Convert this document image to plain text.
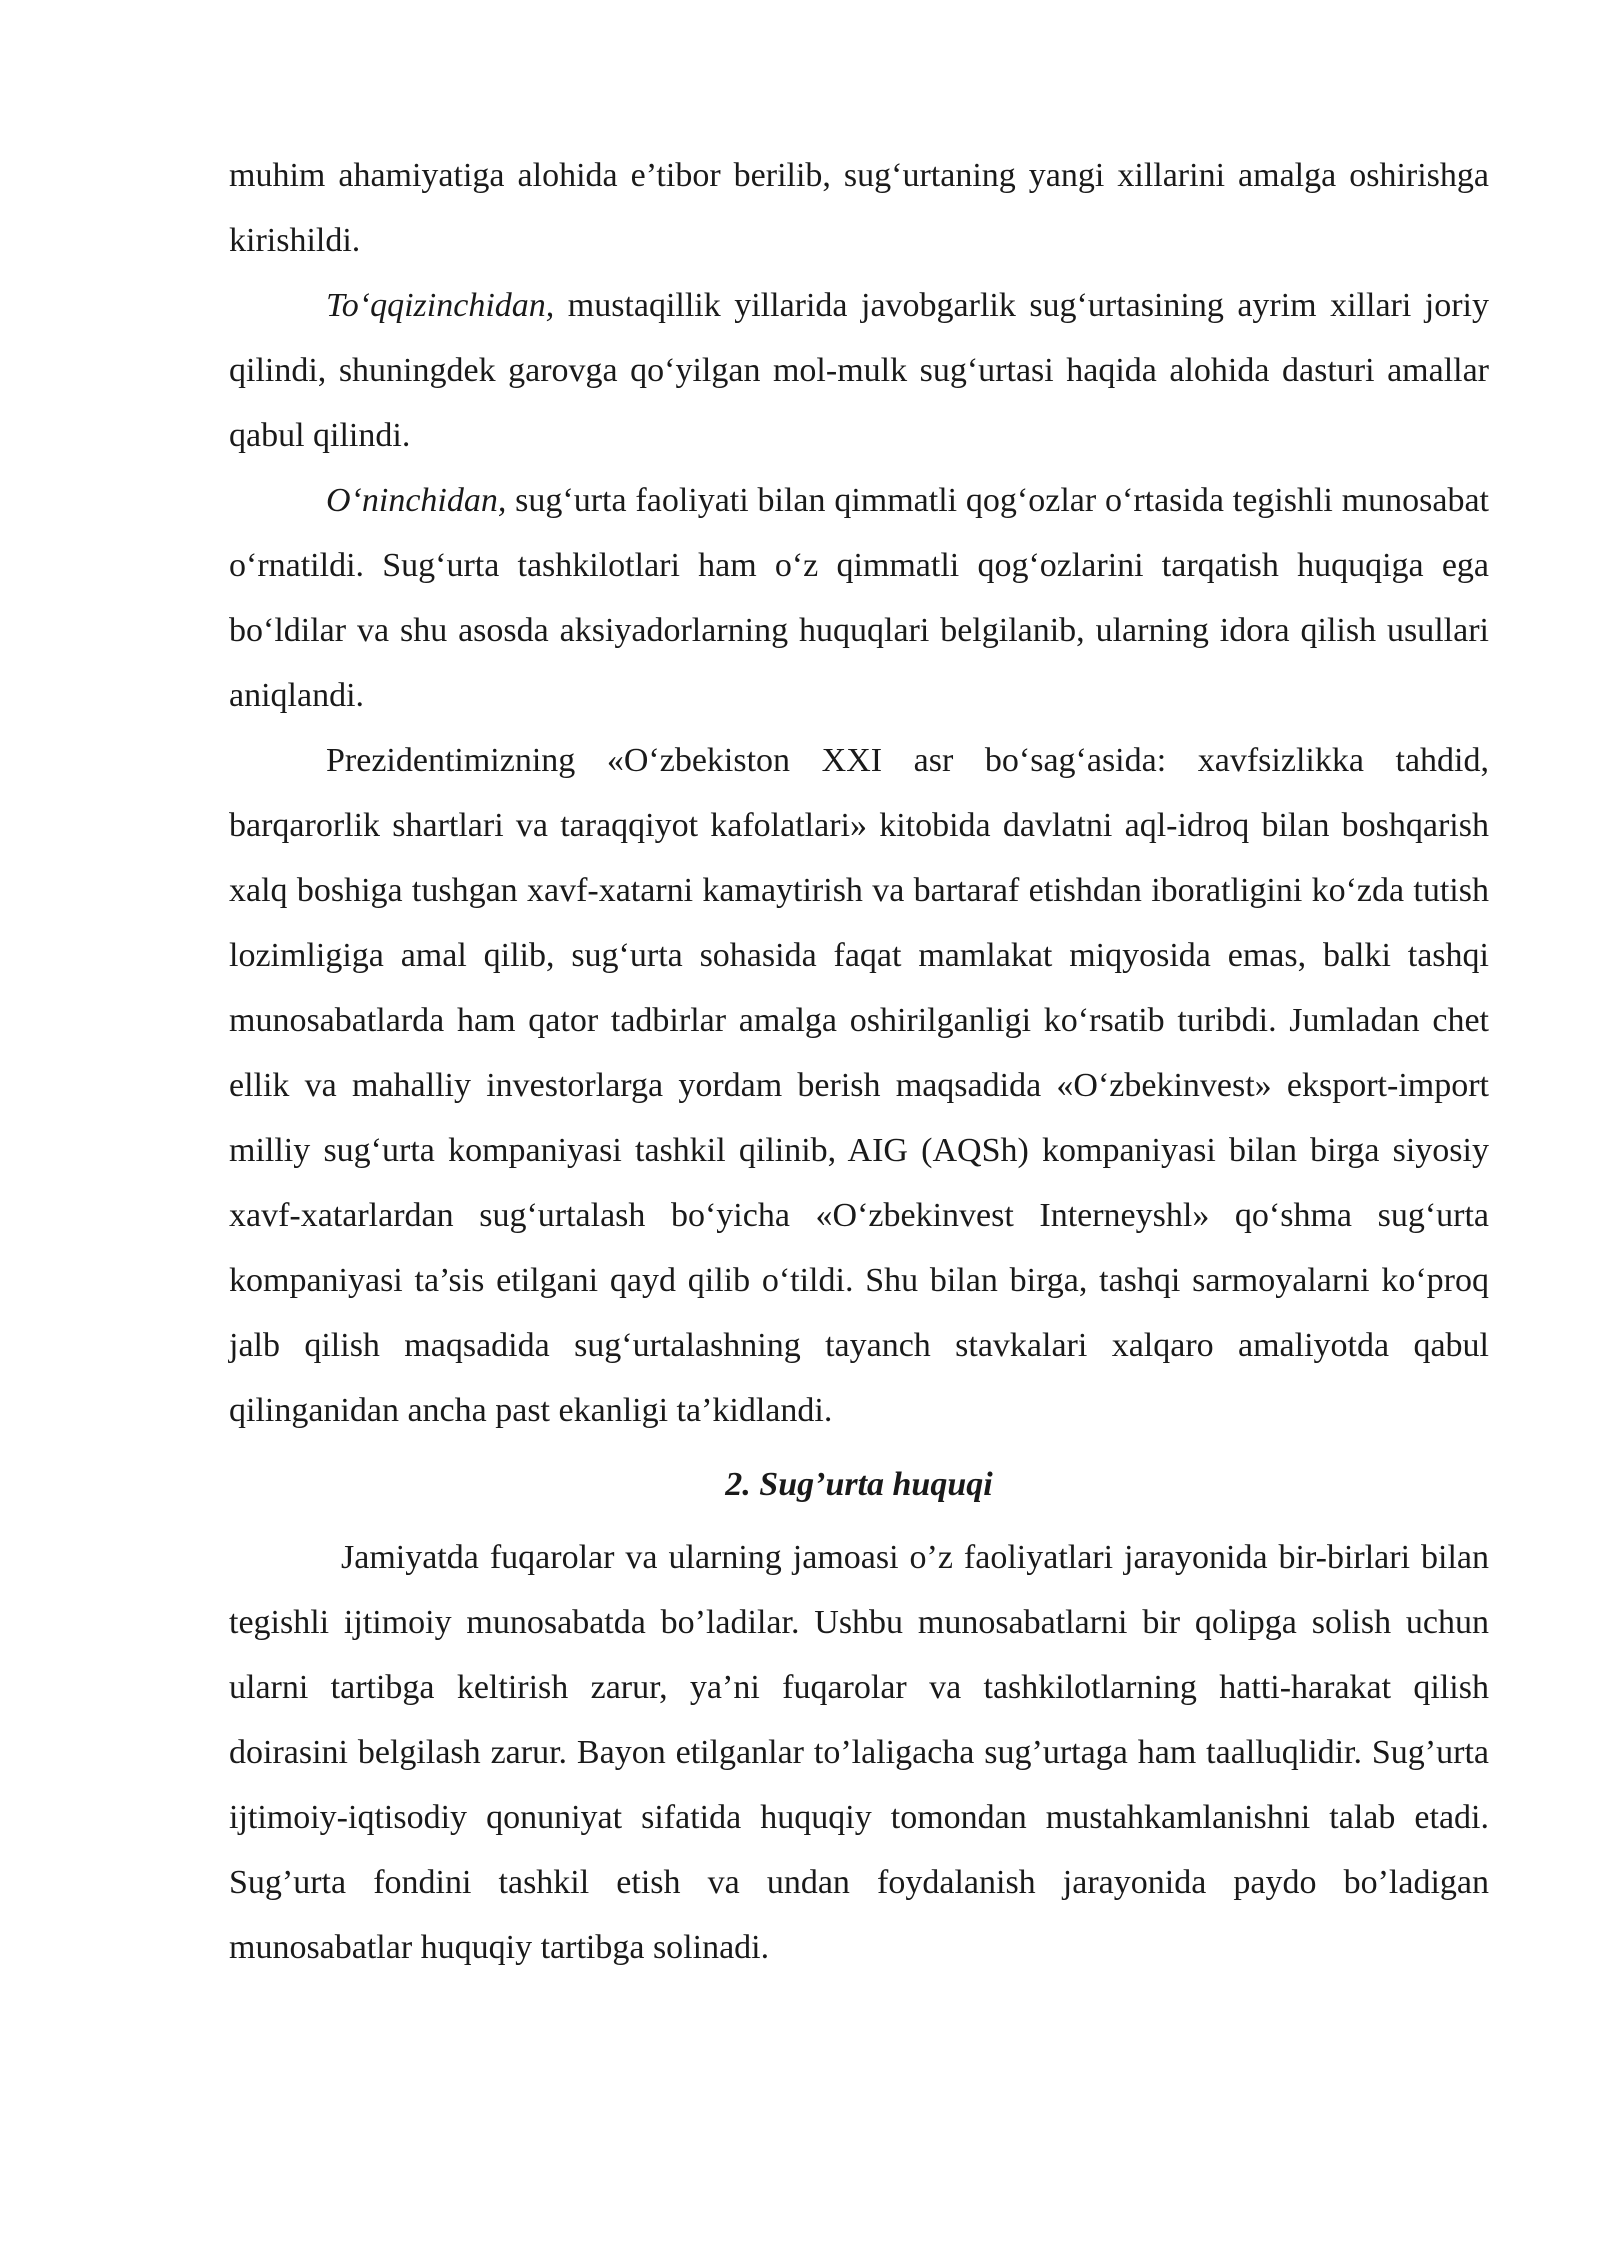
muhim ahamiyatiga alohida e’tibor berilib, sug‘urtaning yangi xillarini amalga oshirishga kirishildi.

To‘qqizinchidan, mustaqillik yillarida javobgarlik sug‘urtasining ayrim xillari joriy qilindi, shuningdek garovga qo‘yilgan mol-mulk sug‘urtasi haqida alohida dasturi amallar qabul qilindi.

O‘ninchidan, sug‘urta faoliyati bilan qimmatli qog‘ozlar o‘rtasida tegishli munosabat o‘rnatildi. Sug‘urta tashkilotlari ham o‘z qimmatli qog‘ozlarini tarqatish huquqiga ega bo‘ldilar va shu asosda aksiyadorlarning huquqlari belgilanib, ularning idora qilish usullari aniqlandi.

Prezidentimizning «O‘zbekiston XXI asr bo‘sag‘asida: xavfsizlikka tahdid, barqarorlik shartlari va taraqqiyot kafolatlari» kitobida davlatni aql-idroq bilan boshqarish xalq boshiga tushgan xavf-xatarni kamaytirish va bartaraf etishdan iboratligini ko‘zda tutish lozimligiga amal qilib, sug‘urta sohasida faqat mamlakat miqyosida emas, balki tashqi munosabatlarda ham qator tadbirlar amalga oshirilganligi ko‘rsatib turibdi. Jumladan chet ellik va mahalliy investorlarga yordam berish maqsadida «O‘zbekinvest» eksport-import milliy sug‘urta kompaniyasi tashkil qilinib, AIG (AQSh) kompaniyasi bilan birga siyosiy xavf-xatarlardan sug‘urtalash bo‘yicha «O‘zbekinvest Interneyshl» qo‘shma sug‘urta kompaniyasi ta’sis etilgani qayd qilib o‘tildi. Shu bilan birga, tashqi sarmoyalarni ko‘proq jalb qilish maqsadida sug‘urtalashning tayanch stavkalari xalqaro amaliyotda qabul qilinganidan ancha past ekanligi ta’kidlandi.

2. Sug’urta huquqi

Jamiyatda fuqarolar va ularning jamoasi o’z faoliyatlari jarayonida bir-birlari bilan tegishli ijtimoiy munosabatda bo’ladilar. Ushbu munosabatlarni bir qolipga solish uchun ularni tartibga keltirish zarur, ya’ni fuqarolar va tashkilotlarning hatti-harakat qilish doirasini belgilash zarur. Bayon etilganlar to’laligacha sug’urtaga ham taalluqlidir. Sug’urta ijtimoiy-iqtisodiy qonuniyat sifatida huquqiy tomondan mustahkamlanishni talab etadi. Sug’urta fondini tashkil etish va undan foydalanish jarayonida paydo bo’ladigan munosabatlar huquqiy tartibga solinadi.
